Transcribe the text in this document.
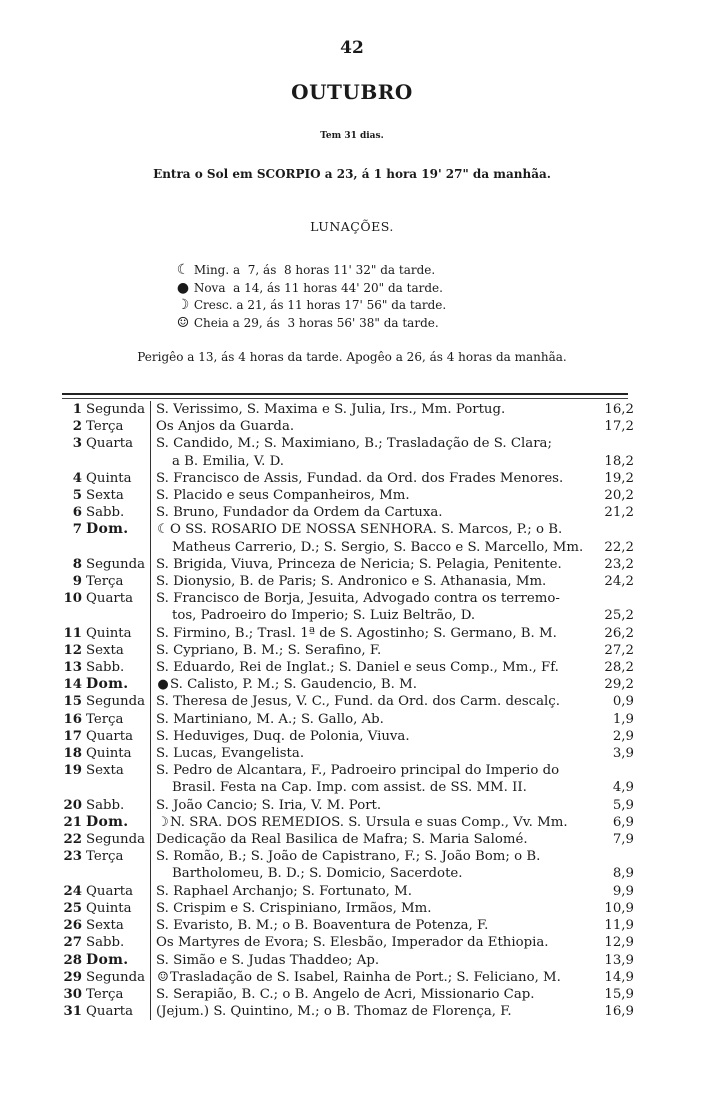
42
OUTUBRO
Tem 31 dias.
Entra o Sol em SCORPIO a 23, á 1 hora 19' 27" da manhãa.
LUNAÇÕES.
☾ Ming. a  7, ás  8 horas 11' 32" da tarde.
● Nova  a 14, ás 11 horas 44' 20" da tarde.
☽ Cresc. a 21, ás 11 horas 17' 56" da tarde.
☺ Cheia a 29, ás  3 horas 56' 38" da tarde.
Perigêo a 13, ás 4 horas da tarde. Apogêo a 26, ás 4 horas da manhãa.
1	Segunda	S. Verissimo, S. Maxima e S. Julia, Irs., Mm. Portug.	16,2

2	Terça	Os Anjos da Guarda.	17,2

3	Quarta	S. Candido, M.; S. Maximiano, B.; Trasladação de S. Clara;
a B. Emilia, V. D.	18,2

4	Quinta	S. Francisco de Assis, Fundad. da Ord. dos Frades Menores.	19,2

5	Sexta	S. Placido e seus Companheiros, Mm.	20,2

6	Sabb.	S. Bruno, Fundador da Ordem da Cartuxa.	21,2

7	Dom.	☾O SS. ROSARIO DE NOSSA SENHORA. S. Marcos, P.; o B.
Matheus Carrerio, D.; S. Sergio, S. Bacco e S. Marcello, Mm.	22,2

8	Segunda	S. Brigida, Viuva, Princeza de Nericia; S. Pelagia, Penitente.	23,2

9	Terça	S. Dionysio, B. de Paris; S. Andronico e S. Athanasia, Mm.	24,2

10	Quarta	S. Francisco de Borja, Jesuita, Advogado contra os terremo-
tos, Padroeiro do Imperio; S. Luiz Beltrão, D.	25,2

11	Quinta	S. Firmino, B.; Trasl. 1ª de S. Agostinho; S. Germano, B. M.	26,2

12	Sexta	S. Cypriano, B. M.; S. Serafino, F.	27,2

13	Sabb.	S. Eduardo, Rei de Inglat.; S. Daniel e seus Comp., Mm., Ff.	28,2

14	Dom.	●S. Calisto, P. M.; S. Gaudencio, B. M.	29,2

15	Segunda	S. Theresa de Jesus, V. C., Fund. da Ord. dos Carm. descalç.	0,9

16	Terça	S. Martiniano, M. A.; S. Gallo, Ab.	1,9

17	Quarta	S. Heduviges, Duq. de Polonia, Viuva.	2,9

18	Quinta	S. Lucas, Evangelista.	3,9

19	Sexta	S. Pedro de Alcantara, F., Padroeiro principal do Imperio do
Brasil. Festa na Cap. Imp. com assist. de SS. MM. II.	4,9

20	Sabb.	S. João Cancio; S. Iria, V. M. Port.	5,9

21	Dom.	☽N. SRA. DOS REMEDIOS. S. Ursula e suas Comp., Vv. Mm.	6,9

22	Segunda	Dedicação da Real Basilica de Mafra; S. Maria Salomé.	7,9

23	Terça	S. Romão, B.; S. João de Capistrano, F.; S. João Bom; o B.
Bartholomeu, B. D.; S. Domicio, Sacerdote.	8,9

24	Quarta	S. Raphael Archanjo; S. Fortunato, M.	9,9

25	Quinta	S. Crispim e S. Crispiniano, Irmãos, Mm.	10,9

26	Sexta	S. Evaristo, B. M.; o B. Boaventura de Potenza, F.	11,9

27	Sabb.	Os Martyres de Evora; S. Elesbão, Imperador da Ethiopia.	12,9

28	Dom.	S. Simão e S. Judas Thaddeo; Ap.	13,9

29	Segunda	☺Trasladação de S. Isabel, Rainha de Port.; S. Feliciano, M.	14,9

30	Terça	S. Serapião, B. C.; o B. Angelo de Acri, Missionario Cap.	15,9

31	Quarta	(Jejum.) S. Quintino, M.; o B. Thomaz de Florença, F.	16,9
